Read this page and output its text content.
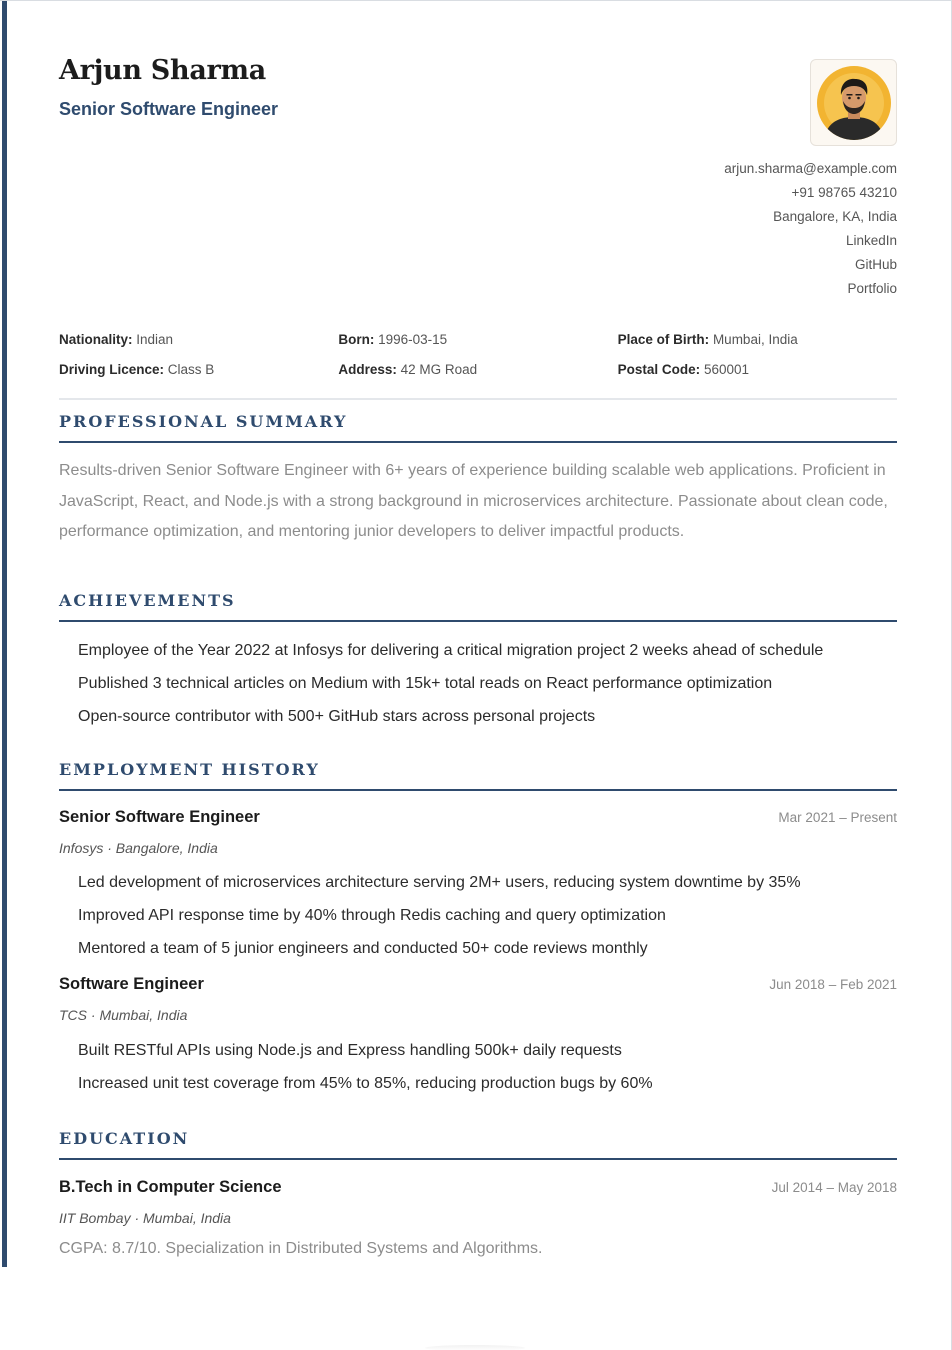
Arjun Sharma
Senior Software Engineer
arjun.sharma@example.com
+91 98765 43210
Bangalore, KA, India
LinkedIn
GitHub
Portfolio
Nationality: Indian	Born: 1996-03-15	Place of Birth: Mumbai, India
Driving Licence: Class B	Address: 42 MG Road	Postal Code: 560001
PROFESSIONAL SUMMARY
Results-driven Senior Software Engineer with 6+ years of experience building scalable web applications. Proficient in JavaScript, React, and Node.js with a strong background in microservices architecture. Passionate about clean code, performance optimization, and mentoring junior developers to deliver impactful products.
ACHIEVEMENTS
Employee of the Year 2022 at Infosys for delivering a critical migration project 2 weeks ahead of schedule
Published 3 technical articles on Medium with 15k+ total reads on React performance optimization
Open-source contributor with 500+ GitHub stars across personal projects
EMPLOYMENT HISTORY
Senior Software Engineer	Mar 2021 – Present
Infosys · Bangalore, India
Led development of microservices architecture serving 2M+ users, reducing system downtime by 35%
Improved API response time by 40% through Redis caching and query optimization
Mentored a team of 5 junior engineers and conducted 50+ code reviews monthly
Software Engineer	Jun 2018 – Feb 2021
TCS · Mumbai, India
Built RESTful APIs using Node.js and Express handling 500k+ daily requests
Increased unit test coverage from 45% to 85%, reducing production bugs by 60%
EDUCATION
B.Tech in Computer Science	Jul 2014 – May 2018
IIT Bombay · Mumbai, India
CGPA: 8.7/10. Specialization in Distributed Systems and Algorithms.
